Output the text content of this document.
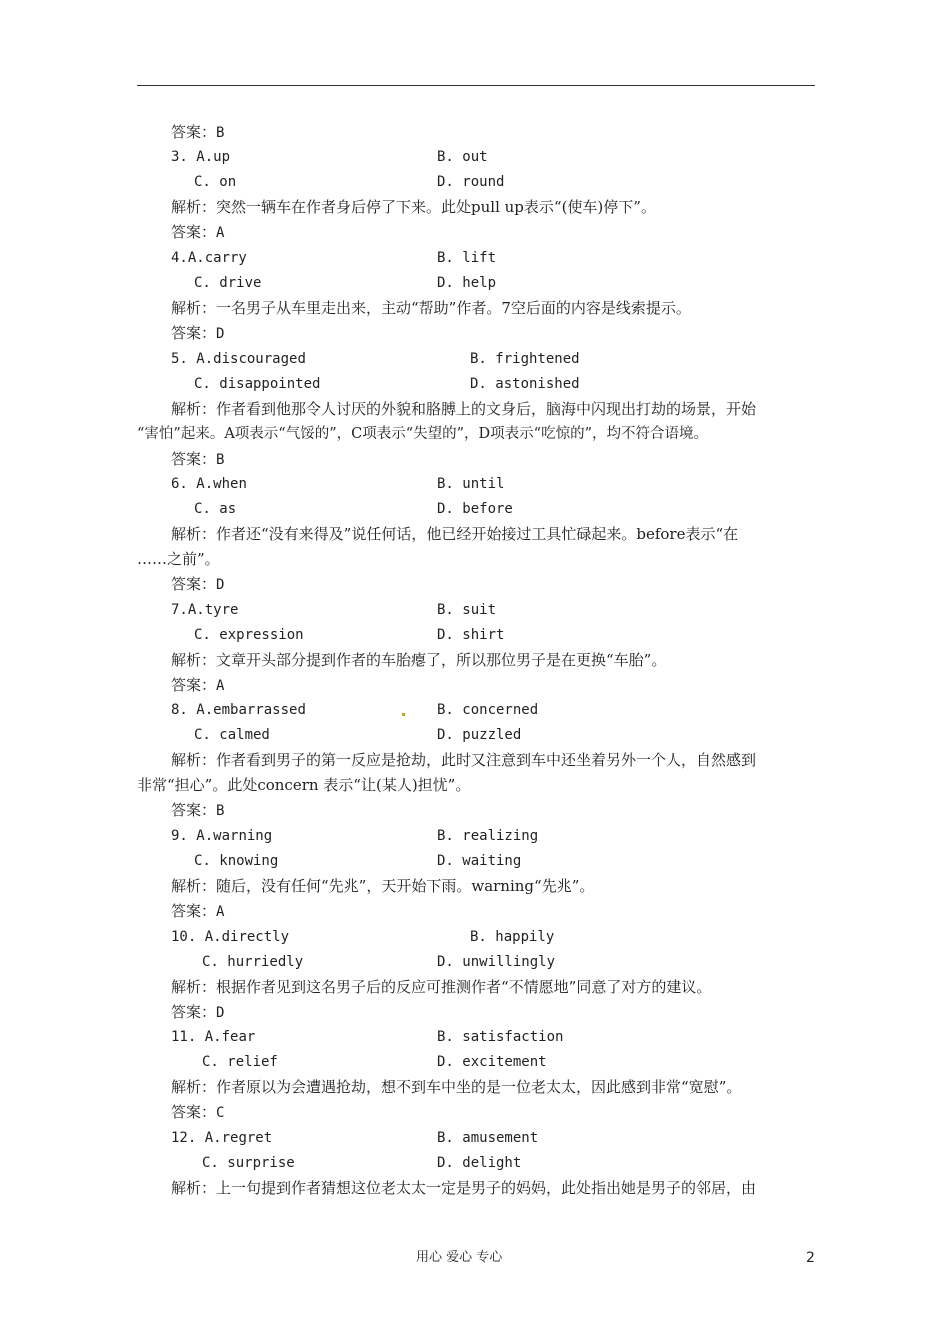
答案：B
3. A.up	B. out
C. on	D. round
解析：突然一辆车在作者身后停了下来。此处pull up表示“(使车)停下”。
答案：A
4.A.carry	B. lift
C. drive	D. help
解析：一名男子从车里走出来，主动“帮助”作者。7空后面的内容是线索提示。
答案：D
5. A.discouraged	B. frightened
C. disappointed	D. astonished
解析：作者看到他那令人讨厌的外貌和胳膊上的文身后，脑海中闪现出打劫的场景，开始
“害怕”起来。A项表示“气馁的”，C项表示“失望的”，D项表示“吃惊的”，均不符合语境。
答案：B
6. A.when	B. until
C. as	D. before
解析：作者还“没有来得及”说任何话，他已经开始接过工具忙碌起来。before表示“在
……之前”。
答案：D
7.A.tyre	B. suit
C. expression	D. shirt
解析：文章开头部分提到作者的车胎瘪了，所以那位男子是在更换“车胎”。
答案：A
8. A.embarrassed	B. concerned
C. calmed	D. puzzled
解析：作者看到男子的第一反应是抢劫，此时又注意到车中还坐着另外一个人，自然感到
非常“担心”。此处concern 表示“让(某人)担忧”。
答案：B
9. A.warning	B. realizing
C. knowing	D. waiting
解析：随后，没有任何“先兆”，天开始下雨。warning“先兆”。
答案：A
10. A.directly	B. happily
C. hurriedly	D. unwillingly
解析：根据作者见到这名男子后的反应可推测作者“不情愿地”同意了对方的建议。
答案：D
11. A.fear	B. satisfaction
C. relief	D. excitement
解析：作者原以为会遭遇抢劫，想不到车中坐的是一位老太太，因此感到非常“宽慰”。
答案：C
12. A.regret	B. amusement
C. surprise	D. delight
解析：上一句提到作者猜想这位老太太一定是男子的妈妈，此处指出她是男子的邻居，由
用心 爱心 专心	2
